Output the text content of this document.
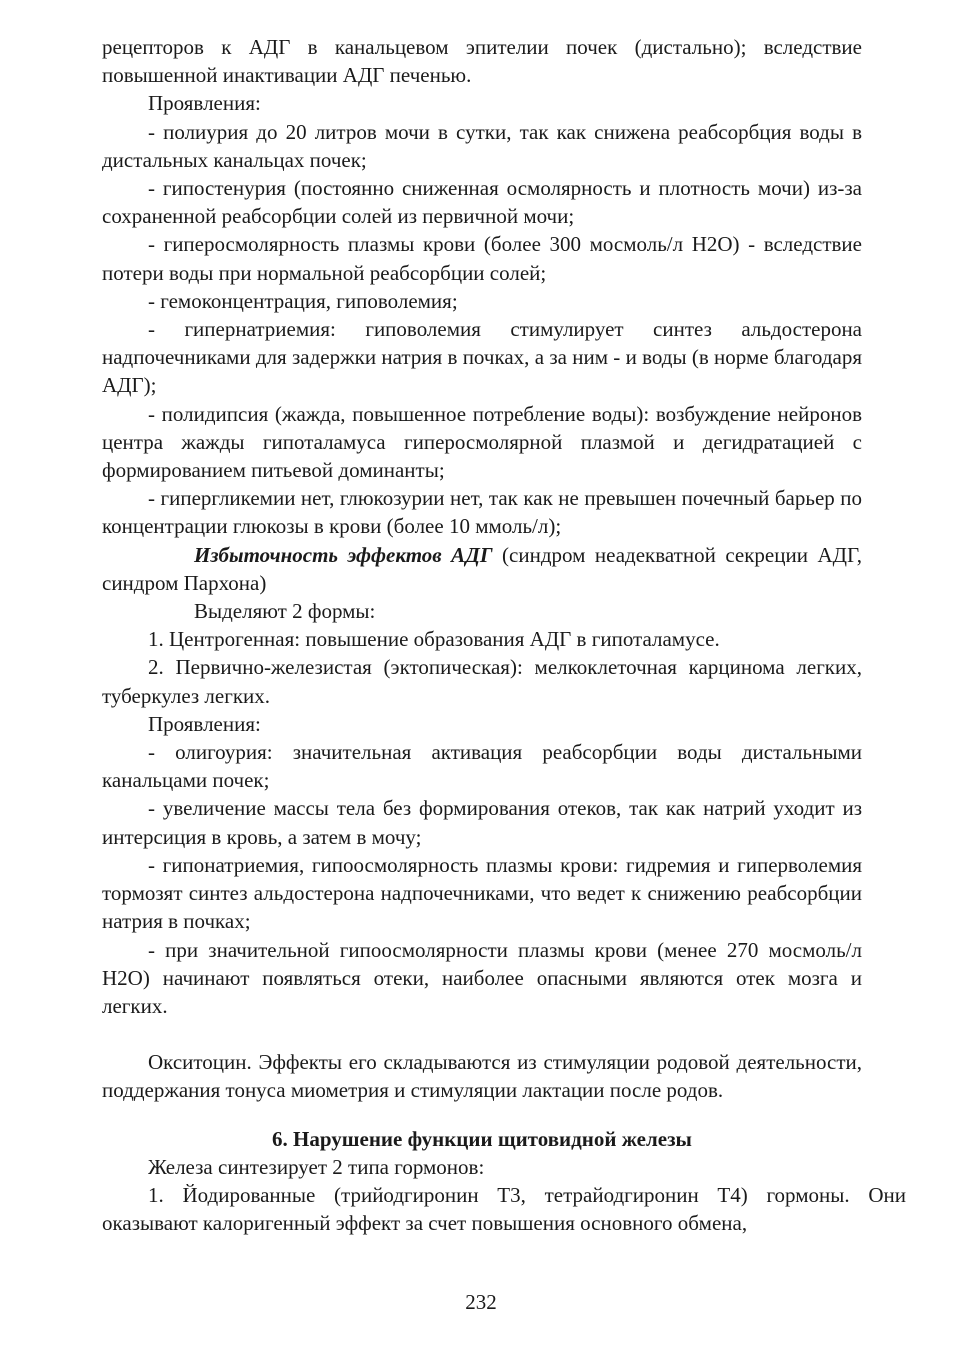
рецепторов к АДГ в канальцевом эпителии почек (дистально); вследствие повышенной инактивации АДГ печенью.

Проявления:

- полиурия до 20 литров мочи в сутки, так как снижена реабсорбция воды в дистальных канальцах почек;

- гипостенурия (постоянно сниженная осмолярность и плотность мочи) из-за сохраненной реабсорбции солей из первичной мочи;

- гиперосмолярность плазмы крови (более 300 мосмоль/л H2O) - вследствие потери воды при нормальной реабсорбции солей;

- гемоконцентрация, гиповолемия;

- гипернатриемия: гиповолемия стимулирует синтез альдостерона надпочечниками для задержки натрия в почках, а за ним - и воды (в норме благодаря АДГ);

- полидипсия (жажда, повышенное потребление воды): возбуждение нейронов центра жажды гипоталамуса гиперосмолярной плазмой и дегидратацией с формированием питьевой доминанты;

- гипергликемии нет, глюкозурии нет, так как не превышен почечный барьер по концентрации глюкозы в крови (более 10 ммоль/л);

Избыточность эффектов АДГ (синдром неадекватной секреции АДГ, синдром Пархона)

Выделяют 2 формы:

1. Центрогенная: повышение образования АДГ в гипоталамусе.

2. Первично-железистая (эктопическая): мелкоклеточная карцинома легких, туберкулез легких.

Проявления:

- олигоурия: значительная активация реабсорбции воды дистальными канальцами почек;

- увеличение массы тела без формирования отеков, так как натрий уходит из интерсиция в кровь, а затем в мочу;

- гипонатриемия, гипоосмолярность плазмы крови: гидремия и гиперволемия тормозят синтез альдостерона надпочечниками, что ведет к снижению реабсорбции натрия в почках;

- при значительной гипоосмолярности плазмы крови (менее 270 мосмоль/л H2O) начинают появляться отеки, наиболее опасными являются отек мозга и легких.

Окситоцин. Эффекты его складываются из стимуляции родовой деятельности, поддержания тонуса миометрия и стимуляции лактации после родов.

6. Нарушение функции щитовидной железы

Железа синтезирует 2 типа гормонов:

1. Йодированные (трийодгиронин Т3, тетрайодгиронин Т4) гормоны. Они оказывают калоригенный эффект за счет повышения основного обмена,

232
